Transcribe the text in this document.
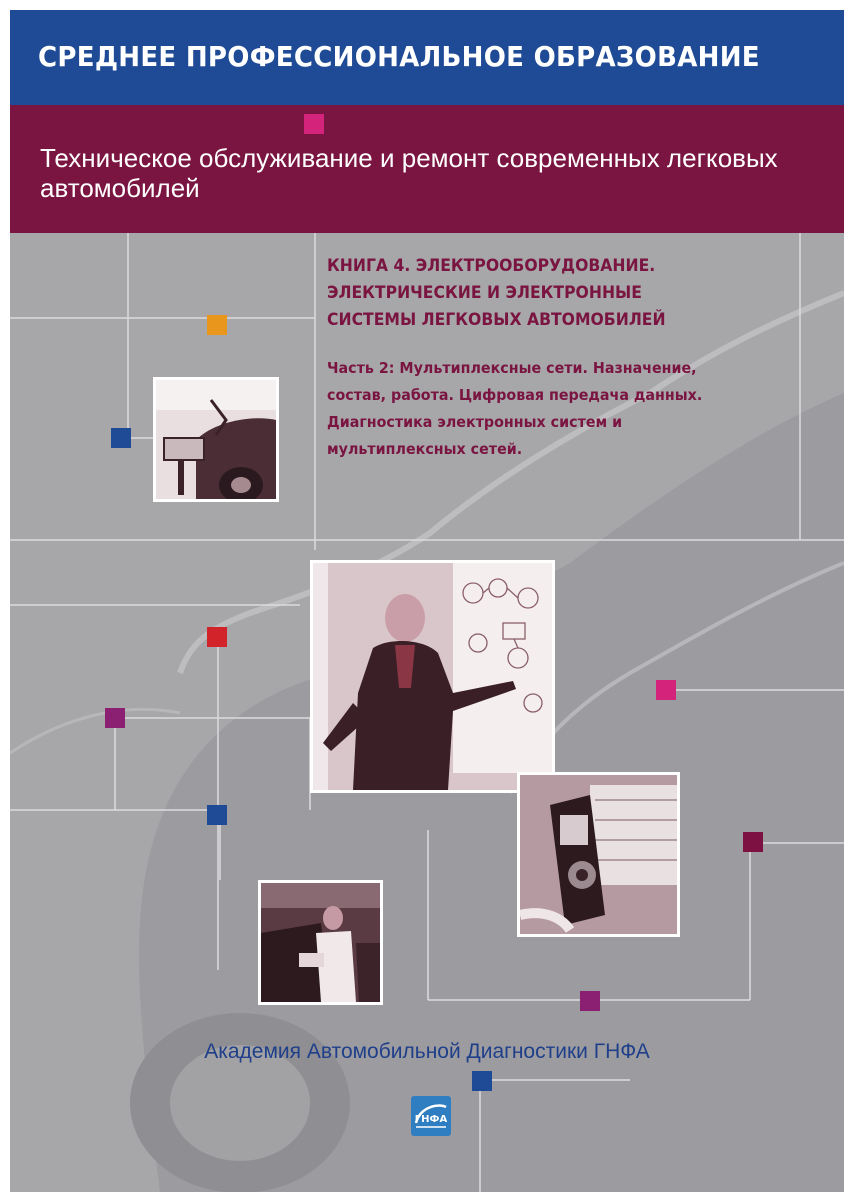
СРЕДНЕЕ ПРОФЕССИОНАЛЬНОЕ ОБРАЗОВАНИЕ
Техническое обслуживание и ремонт современных легковых автомобилей
КНИГА 4. ЭЛЕКТРООБОРУДОВАНИЕ.
ЭЛЕКТРИЧЕСКИЕ И ЭЛЕКТРОННЫЕ
СИСТЕМЫ ЛЕГКОВЫХ АВТОМОБИЛЕЙ
Часть 2: Мультиплексные сети. Назначение,
состав, работа. Цифровая передача данных.
Диагностика электронных систем и
мультиплексных сетей.
Академия Автомобильной Диагностики ГНФА
ГНФА
